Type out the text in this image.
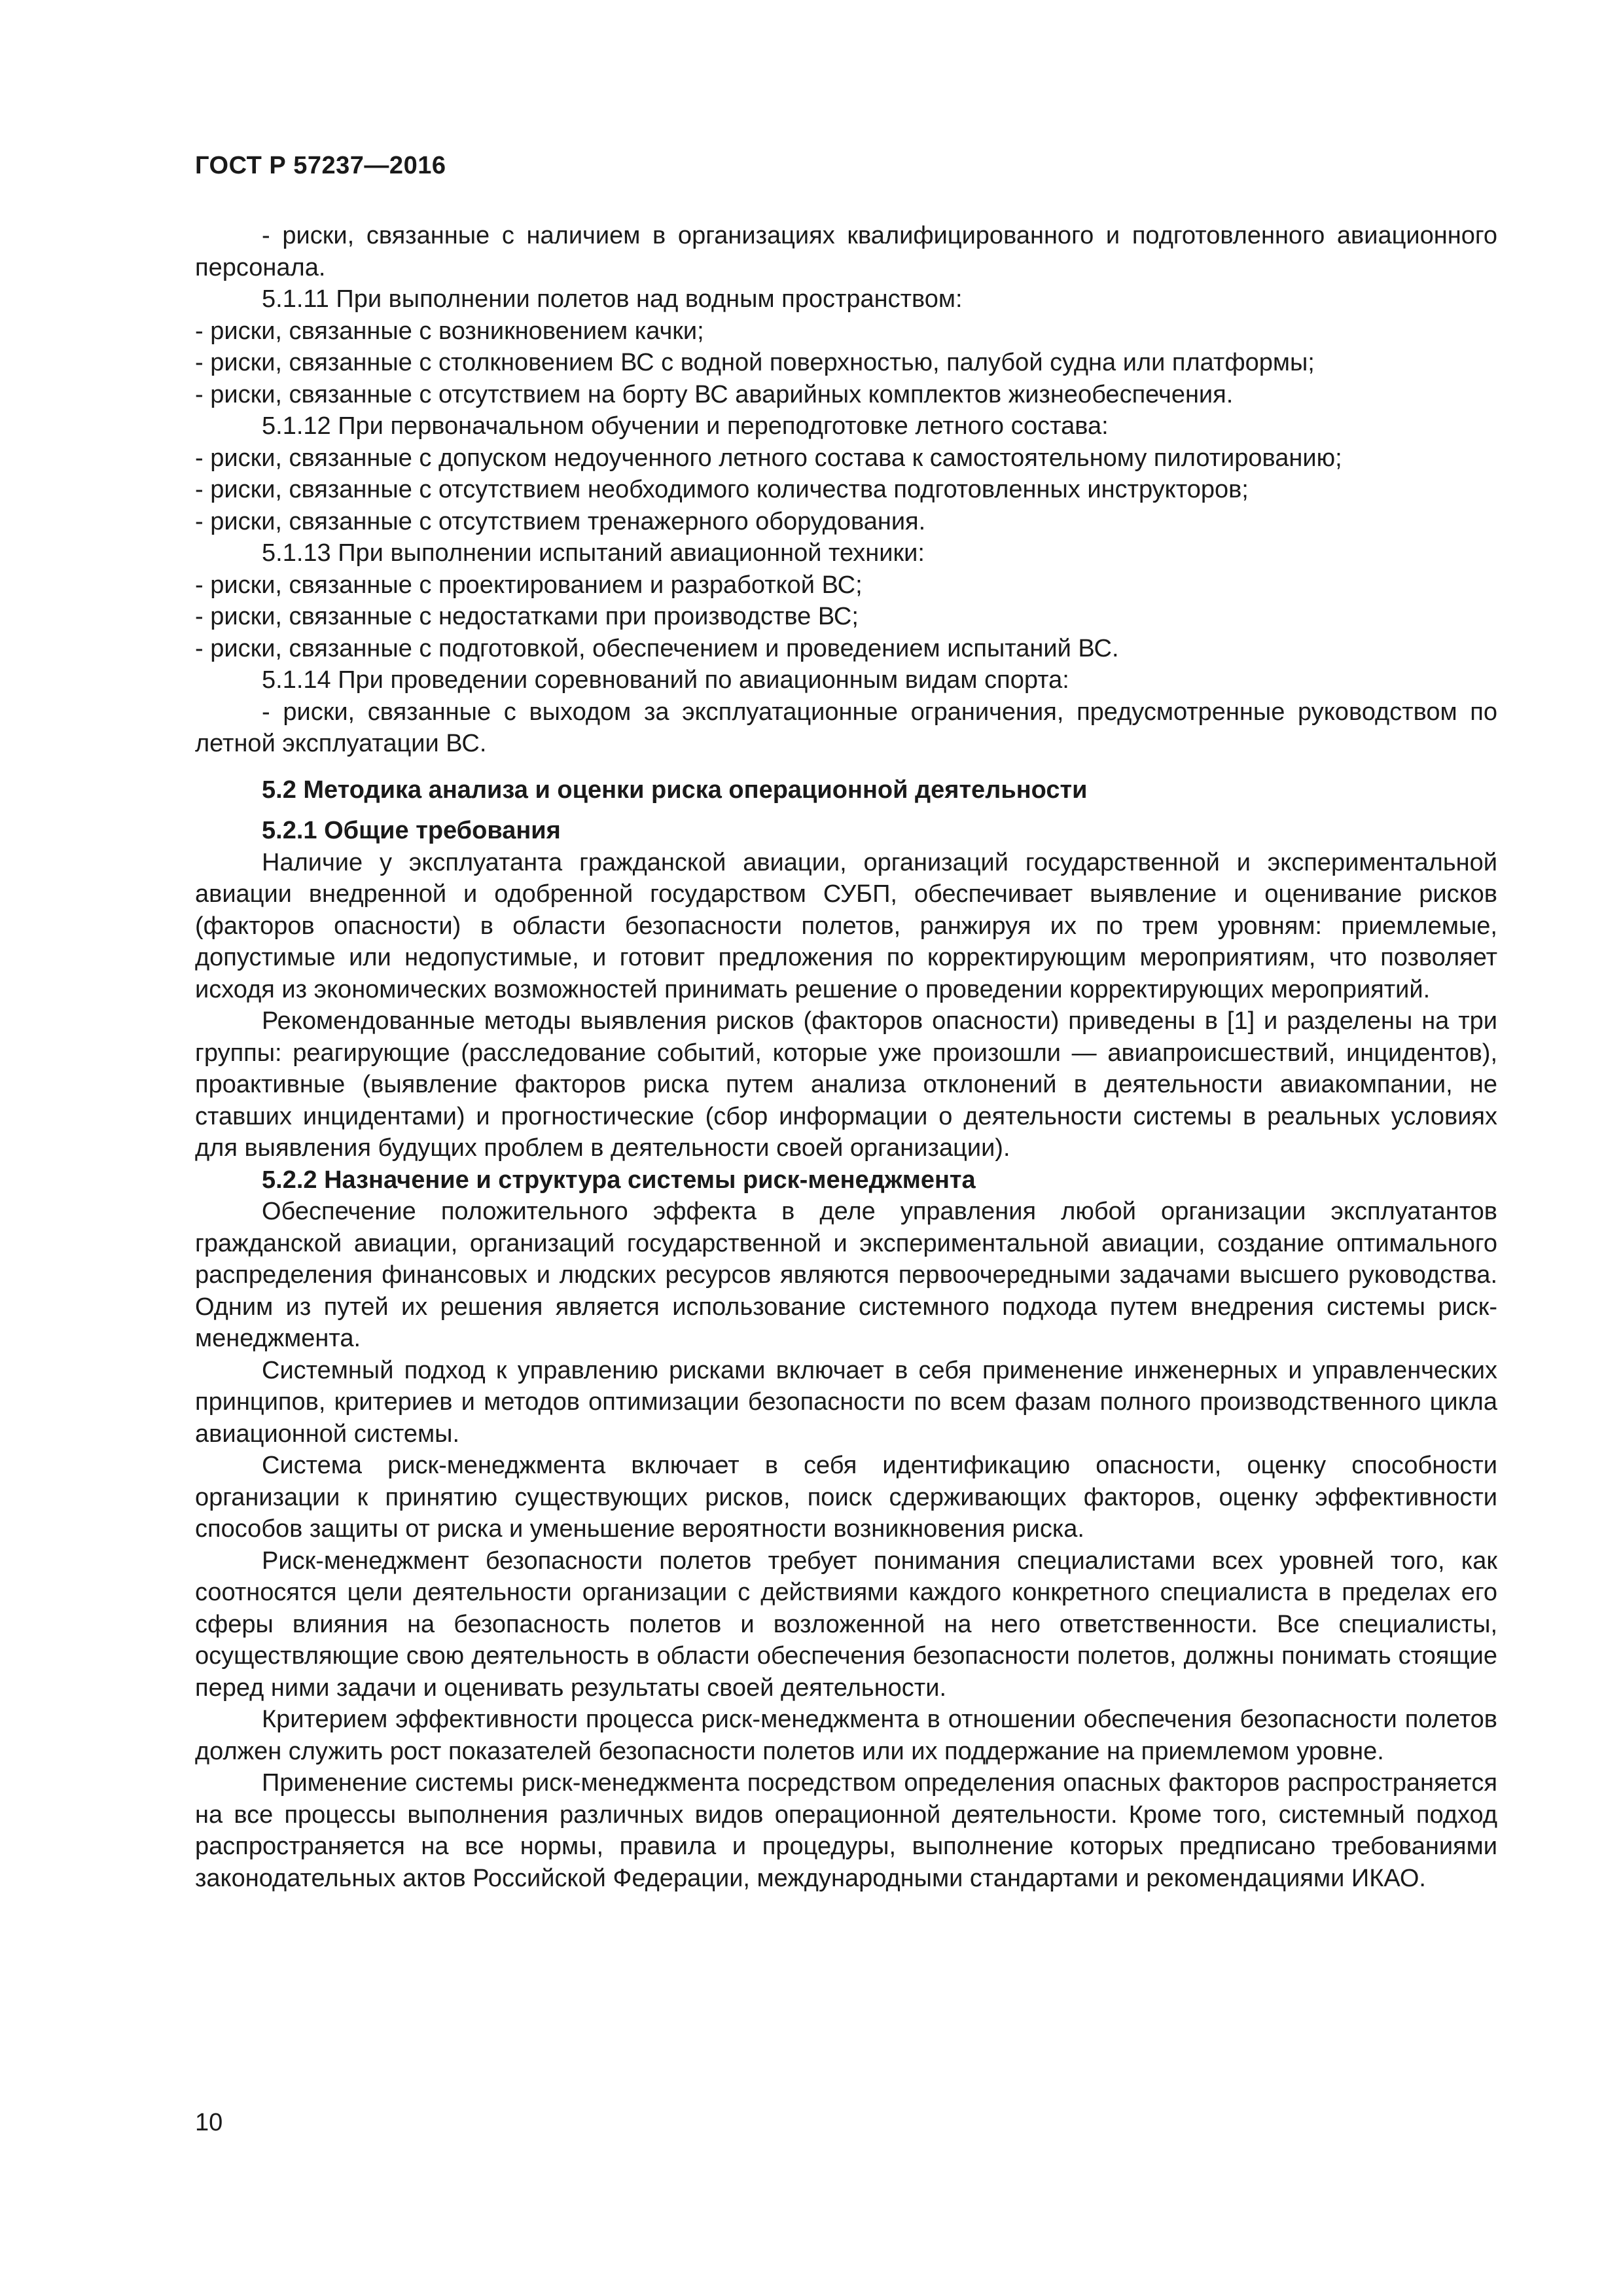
ГОСТ Р 57237—2016

- риски, связанные с наличием в организациях квалифицированного и подготовленного авиационного персонала.

5.1.11 При выполнении полетов над водным пространством:

- риски, связанные с возникновением качки;

- риски, связанные с столкновением ВС с водной поверхностью, палубой судна или платформы;

- риски, связанные с отсутствием на борту ВС аварийных комплектов жизнеобеспечения.

5.1.12 При первоначальном обучении и переподготовке летного состава:

- риски, связанные с допуском недоученного летного состава к самостоятельному пилотированию;

- риски, связанные с отсутствием необходимого количества подготовленных инструкторов;

- риски, связанные с отсутствием тренажерного оборудования.

5.1.13 При выполнении испытаний авиационной техники:

- риски, связанные с проектированием и разработкой ВС;

- риски, связанные с недостатками при производстве ВС;

- риски, связанные с подготовкой, обеспечением и проведением испытаний ВС.

5.1.14 При проведении соревнований по авиационным видам спорта:

- риски, связанные с выходом за эксплуатационные ограничения, предусмотренные руководством по летной эксплуатации ВС.

5.2 Методика анализа и оценки риска операционной деятельности

5.2.1 Общие требования

Наличие у эксплуатанта гражданской авиации, организаций государственной и экспериментальной авиации внедренной и одобренной государством СУБП, обеспечивает выявление и оценивание рисков (факторов опасности) в области безопасности полетов, ранжируя их по трем уровням: приемлемые, допустимые или недопустимые, и готовит предложения по корректирующим мероприятиям, что позволяет исходя из экономических возможностей принимать решение о проведении корректирующих мероприятий.

Рекомендованные методы выявления рисков (факторов опасности) приведены в [1] и разделены на три группы: реагирующие (расследование событий, которые уже произошли — авиапроисшествий, инцидентов), проактивные (выявление факторов риска путем анализа отклонений в деятельности авиакомпании, не ставших инцидентами) и прогностические (сбор информации о деятельности системы в реальных условиях для выявления будущих проблем в деятельности своей организации).

5.2.2 Назначение и структура системы риск-менеджмента

Обеспечение положительного эффекта в деле управления любой организации эксплуатантов гражданской авиации, организаций государственной и экспериментальной авиации, создание оптимального распределения финансовых и людских ресурсов являются первоочередными задачами высшего руководства. Одним из путей их решения является использование системного подхода путем внедрения системы риск-менеджмента.

Системный подход к управлению рисками включает в себя применение инженерных и управленческих принципов, критериев и методов оптимизации безопасности по всем фазам полного производственного цикла авиационной системы.

Система риск-менеджмента включает в себя идентификацию опасности, оценку способности организации к принятию существующих рисков, поиск сдерживающих факторов, оценку эффективности способов защиты от риска и уменьшение вероятности возникновения риска.

Риск-менеджмент безопасности полетов требует понимания специалистами всех уровней того, как соотносятся цели деятельности организации с действиями каждого конкретного специалиста в пределах его сферы влияния на безопасность полетов и возложенной на него ответственности. Все специалисты, осуществляющие свою деятельность в области обеспечения безопасности полетов, должны понимать стоящие перед ними задачи и оценивать результаты своей деятельности.

Критерием эффективности процесса риск-менеджмента в отношении обеспечения безопасности полетов должен служить рост показателей безопасности полетов или их поддержание на приемлемом уровне.

Применение системы риск-менеджмента посредством определения опасных факторов распространяется на все процессы выполнения различных видов операционной деятельности. Кроме того, системный подход распространяется на все нормы, правила и процедуры, выполнение которых предписано требованиями законодательных актов Российской Федерации, международными стандартами и рекомендациями ИКАО.

10
